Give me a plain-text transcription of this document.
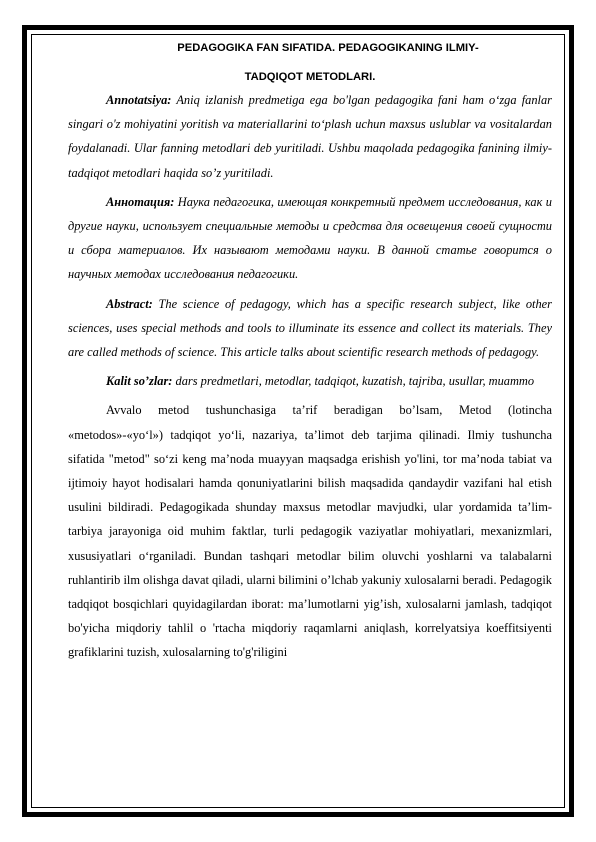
PEDAGOGIKA FAN SIFATIDA. PEDAGOGIKANING ILMIY-

TADQIQOT METODLARI.

Annotatsiya: Aniq izlanish predmetiga ega bo'lgan pedagogika fani ham o‘zga fanlar singari o'z mohiyatini yoritish va materiallarini to‘plash uchun maxsus uslublar va vositalardan foydalanadi. Ular fanning metodlari deb yuritiladi. Ushbu maqolada pedagogika fanining ilmiy-tadqiqot metodlari haqida so’z yuritiladi.

Аннотация: Наука педагогика, имеющая конкретный предмет исследования, как и другие науки, использует специальные методы и средства для освещения своей сущности и сбора материалов. Их называют методами науки. В данной статье говорится о научных методах исследования педагогики.

Abstract: The science of pedagogy, which has a specific research subject, like other sciences, uses special methods and tools to illuminate its essence and collect its materials. They are called methods of science. This article talks about scientific research methods of pedagogy.

Kalit so’zlar: dars predmetlari, metodlar, tadqiqot, kuzatish, tajriba, usullar, muammo

Avvalo metod tushunchasiga ta’rif beradigan bo’lsam, Metod (lotincha «metodos»-«yo‘l») tadqiqot yo‘li, nazariya, ta’limot deb tarjima qilinadi. Ilmiy tushuncha sifatida "metod" so‘zi keng ma’noda muayyan maqsadga erishish yo'lini, tor ma’noda tabiat va ijtimoiy hayot hodisalari hamda qonuniyatlarini bilish maqsadida qandaydir vazifani hal etish usulini bildiradi. Pedagogikada shunday maxsus metodlar mavjudki, ular yordamida ta’lim-tarbiya jarayoniga oid muhim faktlar, turli pedagogik vaziyatlar mohiyatlari, mexanizmlari, xususiyatlari o‘rganiladi. Bundan tashqari metodlar bilim oluvchi yoshlarni va talabalarni ruhlantirib ilm olishga davat qiladi, ularni bilimini o’lchab yakuniy xulosalarni beradi. Pedagogik tadqiqot bosqichlari quyidagilardan iborat: ma’lumotlarni yig’ish, xulosalarni jamlash, tadqiqot bo'yicha miqdoriy tahlil o 'rtacha miqdoriy raqamlarni aniqlash, korrelyatsiya koeffitsiyenti grafiklarini tuzish, xulosalarning to'g'riligini
